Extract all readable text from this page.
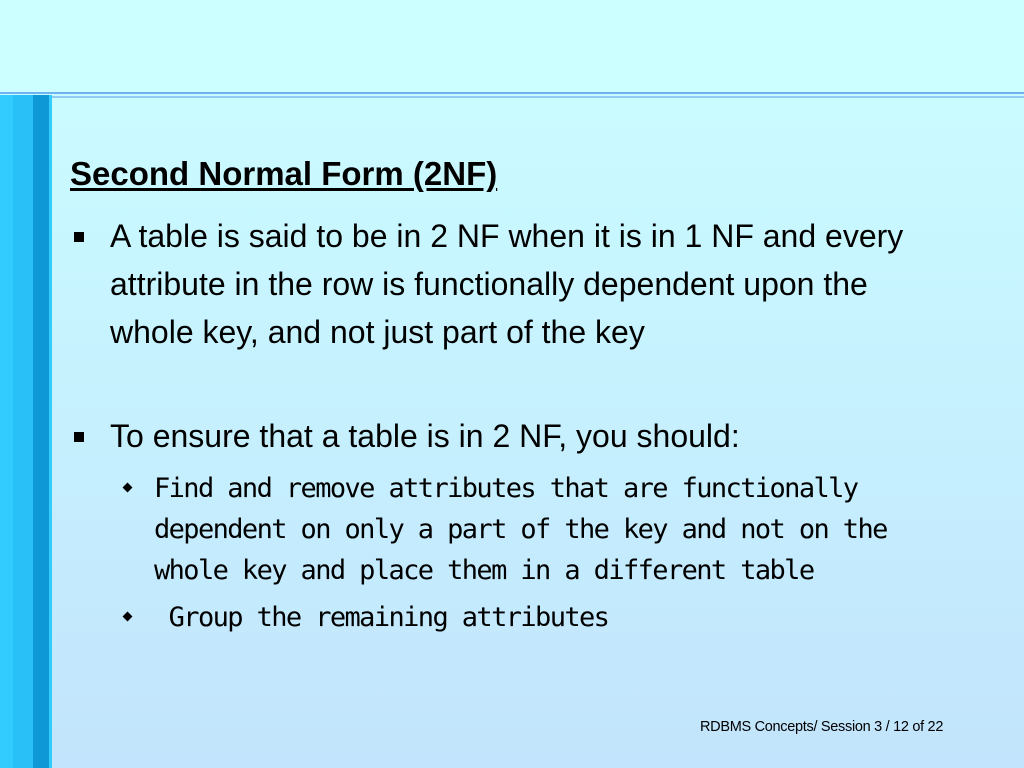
Second Normal Form (2NF)
A table is said to be in 2 NF when it is in 1 NF and every attribute in the row is functionally dependent upon the whole key, and not just part of the key
To ensure that a table is in 2 NF, you should:
Find and remove attributes that are functionally dependent on only a part of the key and not on the whole key and place them in a different table
Group the remaining attributes
RDBMS Concepts/ Session 3 / 12 of 22
